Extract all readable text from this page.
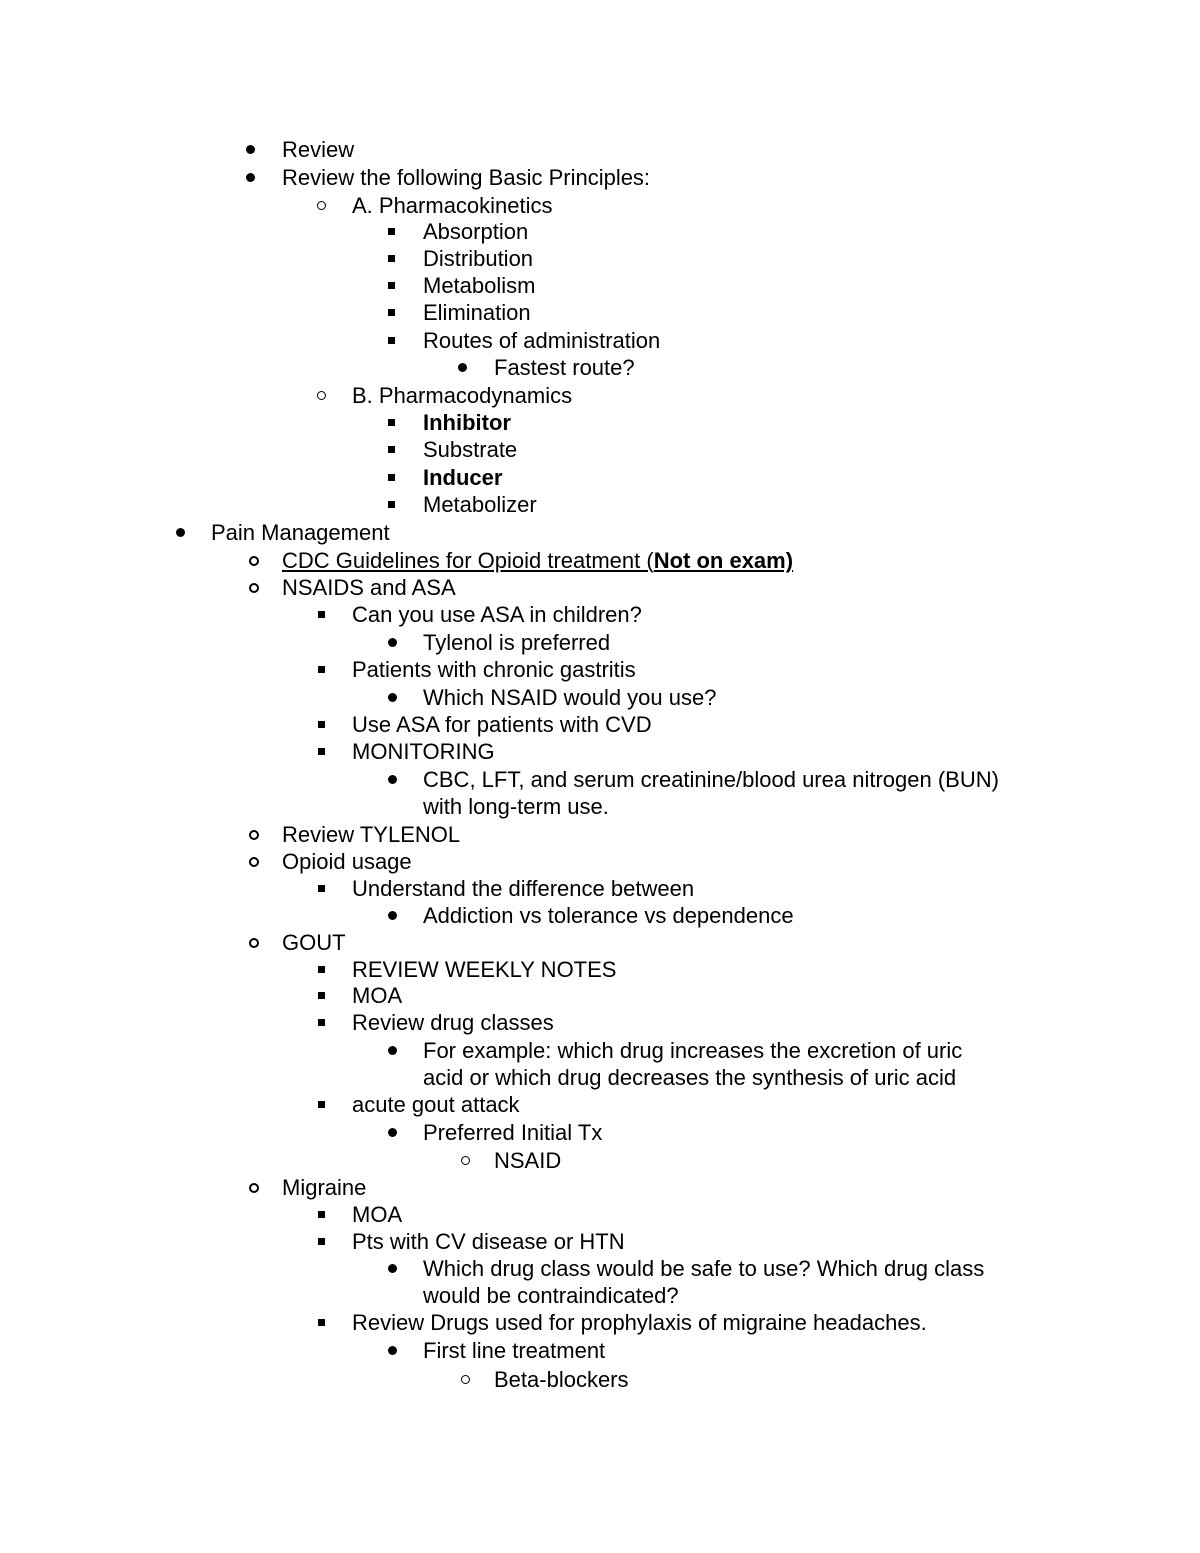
Review
Review the following Basic Principles:
A. Pharmacokinetics
Absorption
Distribution
Metabolism
Elimination
Routes of administration
Fastest route?
B. Pharmacodynamics
Inhibitor
Substrate
Inducer
Metabolizer
Pain Management
CDC Guidelines for Opioid treatment (Not on exam)
NSAIDS and ASA
Can you use ASA in children?
Tylenol is preferred
Patients with chronic gastritis
Which NSAID would you use?
Use ASA for patients with CVD
MONITORING
CBC, LFT, and serum creatinine/blood urea nitrogen (BUN)
with long-term use.
Review TYLENOL
Opioid usage
Understand the difference between
Addiction vs tolerance vs dependence
GOUT
REVIEW WEEKLY NOTES
MOA
Review drug classes
For example: which drug increases the excretion of uric
acid or which drug decreases the synthesis of uric acid
acute gout attack
Preferred Initial Tx
NSAID
Migraine
MOA
Pts with CV disease or HTN
Which drug class would be safe to use? Which drug class
would be contraindicated?
Review Drugs used for prophylaxis of migraine headaches.
First line treatment
Beta-blockers
